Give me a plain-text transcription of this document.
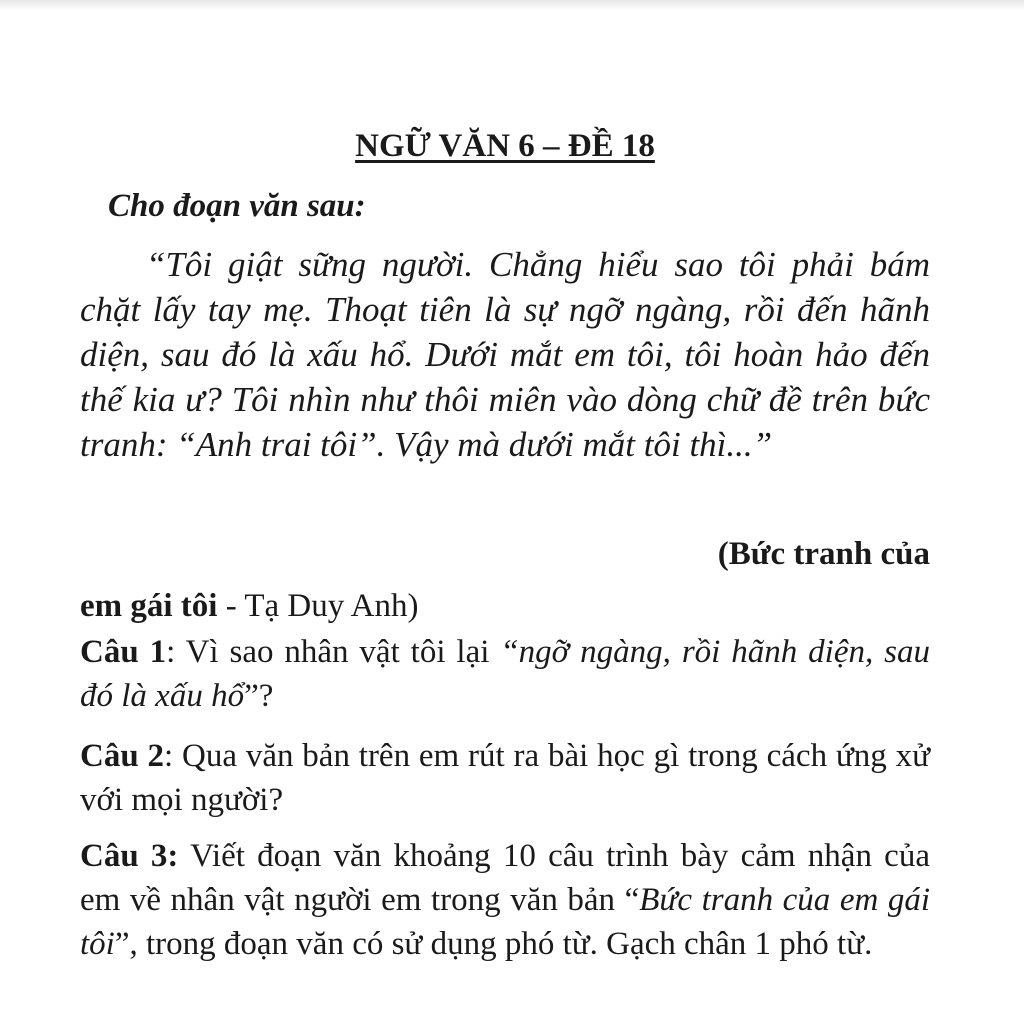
NGỮ VĂN 6 – ĐỀ 18

Cho đoạn văn sau:

“Tôi giật sững người. Chẳng hiểu sao tôi phải bám chặt lấy tay mẹ. Thoạt tiên là sự ngỡ ngàng, rồi đến hãnh diện, sau đó là xấu hổ. Dưới mắt em tôi, tôi hoàn hảo đến thế kia ư? Tôi nhìn như thôi miên vào dòng chữ đề trên bức tranh: “Anh trai tôi”. Vậy mà dưới mắt tôi thì...”

(Bức tranh của
em gái tôi - Tạ Duy Anh)

Câu 1: Vì sao nhân vật tôi lại “ngỡ ngàng, rồi hãnh diện, sau đó là xấu hổ”?

Câu 2: Qua văn bản trên em rút ra bài học gì trong cách ứng xử với mọi người?

Câu 3: Viết đoạn văn khoảng 10 câu trình bày cảm nhận của em về nhân vật người em trong văn bản “Bức tranh của em gái tôi”, trong đoạn văn có sử dụng phó từ. Gạch chân 1 phó từ.
